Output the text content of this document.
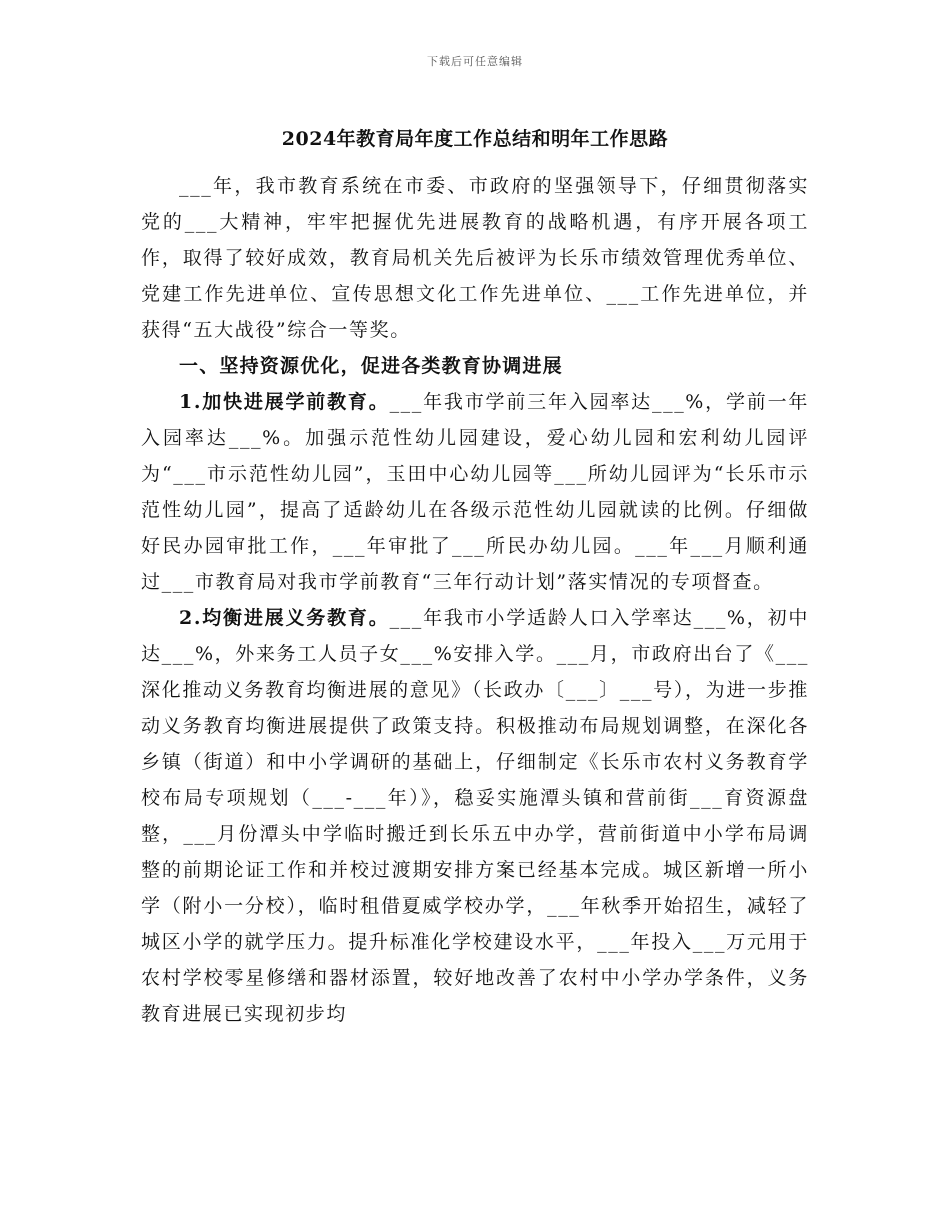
下载后可任意编辑
2024年教育局年度工作总结和明年工作思路

___年，我市教育系统在市委、市政府的坚强领导下，仔细贯彻落实党的___大精神，牢牢把握优先进展教育的战略机遇，有序开展各项工作，取得了较好成效，教育局机关先后被评为长乐市绩效管理优秀单位、党建工作先进单位、宣传思想文化工作先进单位、___工作先进单位，并获得“五大战役”综合一等奖。

一、坚持资源优化，促进各类教育协调进展

1.加快进展学前教育。___年我市学前三年入园率达___%，学前一年入园率达___%。加强示范性幼儿园建设，爱心幼儿园和宏利幼儿园评为“___市示范性幼儿园”，玉田中心幼儿园等___所幼儿园评为“长乐市示范性幼儿园”，提高了适龄幼儿在各级示范性幼儿园就读的比例。仔细做好民办园审批工作，___年审批了___所民办幼儿园。___年___月顺利通过___市教育局对我市学前教育“三年行动计划”落实情况的专项督查。

2.均衡进展义务教育。___年我市小学适龄人口入学率达___%，初中达___%，外来务工人员子女___%安排入学。___月，市政府出台了《___深化推动义务教育均衡进展的意见》（长政办〔___〕___号），为进一步推动义务教育均衡进展提供了政策支持。积极推动布局规划调整，在深化各乡镇（街道）和中小学调研的基础上，仔细制定《长乐市农村义务教育学校布局专项规划（___-___年）》，稳妥实施潭头镇和营前街___育资源盘整，___月份潭头中学临时搬迁到长乐五中办学，营前街道中小学布局调整的前期论证工作和并校过渡期安排方案已经基本完成。城区新增一所小学（附小一分校），临时租借夏威学校办学，___年秋季开始招生，减轻了城区小学的就学压力。提升标准化学校建设水平，___年投入___万元用于农村学校零星修缮和器材添置，较好地改善了农村中小学办学条件，义务教育进展已实现初步均
